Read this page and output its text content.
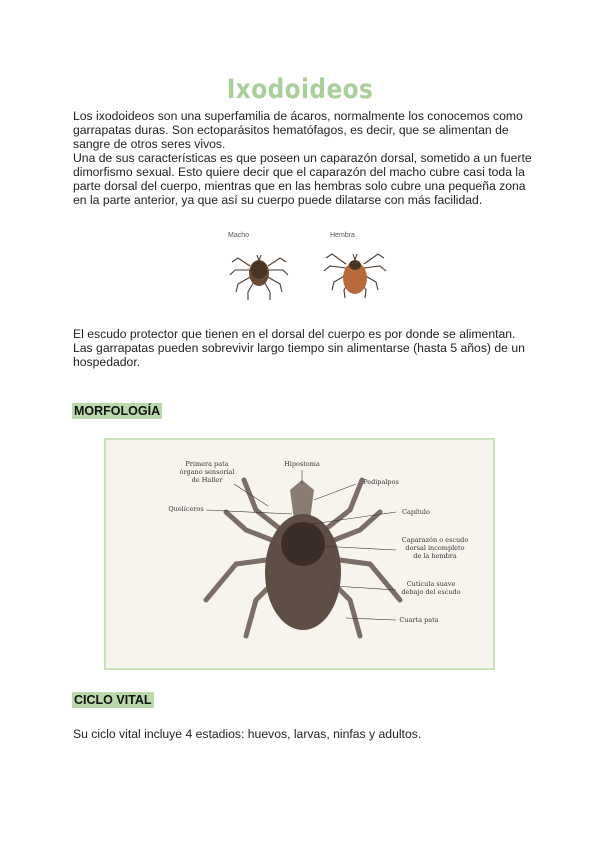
Ixodoideos

Los ixodoideos son una superfamilia de ácaros, normalmente los conocemos como garrapatas duras. Son ectoparásitos hematófagos, es decir, que se alimentan de sangre de otros seres vivos.

Una de sus características es que poseen un caparazón dorsal, sometido a un fuerte dimorfismo sexual. Esto quiere decir que el caparazón del macho cubre casi toda la parte dorsal del cuerpo, mientras que en las hembras solo cubre una pequeña zona en la parte anterior, ya que así su cuerpo puede dilatarse con más facilidad.

Macho	Hembra

El escudo protector que tienen en el dorsal del cuerpo es por donde se alimentan.

Las garrapatas pueden sobrevivir largo tiempo sin alimentarse (hasta 5 años) de un hospedador.

MORFOLOGÍA
Primera pata
órgano sensorial
de Haller
Hipostoma
Pedipalpos
Quelíceros	Capítulo
Caparazón o escudo
dorsal incompleto
de la hembra
Cutícula suave
debajo del escudo
Cuarta pata
CICLO VITAL
Su ciclo vital incluye 4 estadios: huevos, larvas, ninfas y adultos.
